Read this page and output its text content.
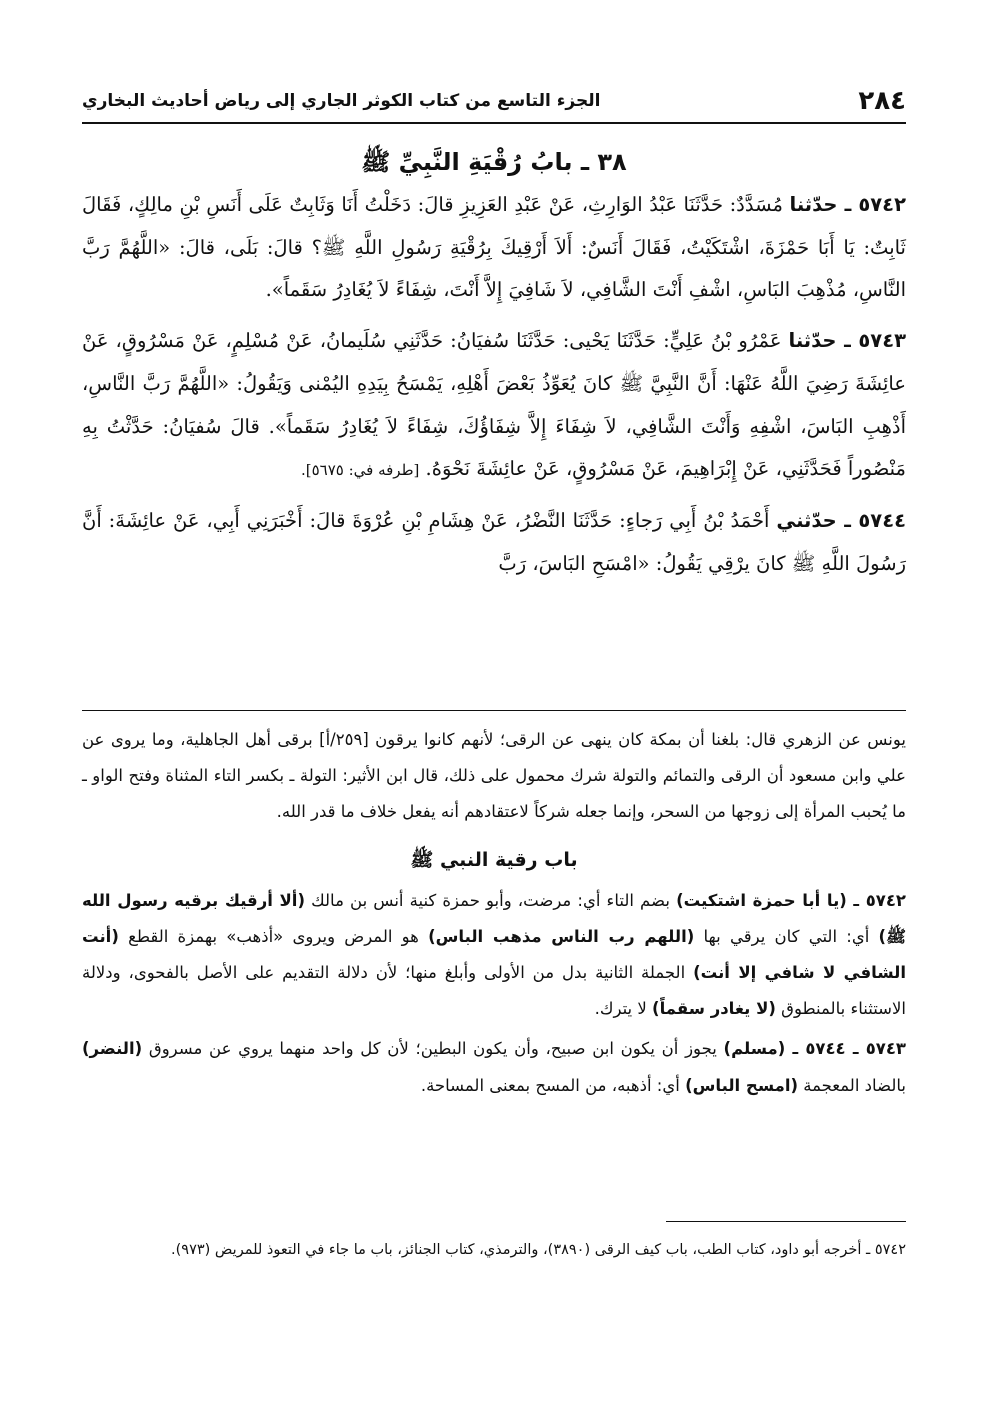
٢٨٤
الجزء التاسع من كتاب الكوثر الجاري إلى رياض أحاديث البخاري
٣٨ ـ بابُ رُقْيَةِ النَّبِيِّ ﷺ

٥٧٤٢ ـ حدّثنا مُسَدَّدٌ: حَدَّثَنَا عَبْدُ الوَارِثِ، عَنْ عَبْدِ العَزِيزِ قالَ: دَخَلْتُ أَنَا وَثَابِتٌ عَلَى أَنَسِ بْنِ مالِكٍ، فَقَالَ ثَابِتٌ: يَا أَبَا حَمْزَةَ، اشْتَكَيْتُ، فَقَالَ أَنَسٌ: أَلاَ أَرْقِيكَ بِرُقْيَةِ رَسُولِ اللَّهِ ﷺ؟ قالَ: بَلَى، قالَ: «اللَّهُمَّ رَبَّ النَّاسِ، مُذْهِبَ البَاسِ، اشْفِ أَنْتَ الشَّافِي، لاَ شَافِيَ إِلاَّ أَنْتَ، شِفَاءً لاَ يُغَادِرُ سَقَماً».

٥٧٤٣ ـ حدّثنا عَمْرُو بْنُ عَلِيٍّ: حَدَّثَنَا يَحْيى: حَدَّثَنَا سُفيَانُ: حَدَّثَنِي سُلَيمانُ، عَنْ مُسْلِمٍ، عَنْ مَسْرُوقٍ، عَنْ عائِشَةَ رَضِيَ اللَّهُ عَنْهَا: أَنَّ النَّبِيَّ ﷺ كانَ يُعَوِّذُ بَعْضَ أَهْلِهِ، يَمْسَحُ بِيَدِهِ اليُمْنى وَيَقُولُ: «اللَّهُمَّ رَبَّ النَّاسِ، أَذْهِبِ البَاسَ، اشْفِهِ وَأَنْتَ الشَّافِي، لاَ شِفَاءَ إِلاَّ شِفَاؤُكَ، شِفَاءً لاَ يُغَادِرُ سَقَماً». قالَ سُفيَانُ: حَدَّثْتُ بِهِ مَنْصُوراً فَحَدَّثَنِي، عَنْ إِبْرَاهِيمَ، عَنْ مَسْرُوقٍ، عَنْ عائِشَةَ نَحْوَهُ. [طرفه في: ٥٦٧٥].

٥٧٤٤ ـ حدّثني أَحْمَدُ بْنُ أَبِي رَجاءٍ: حَدَّثَنَا النَّضْرُ، عَنْ هِشَامِ بْنِ عُرْوَةَ قالَ: أَخْبَرَنِي أَبِي، عَنْ عائِشَةَ: أَنَّ رَسُولَ اللَّهِ ﷺ كانَ يرْقِي يَقُولُ: «امْسَحِ البَاسَ، رَبَّ

يونس عن الزهري قال: بلغنا أن بمكة كان ينهى عن الرقى؛ لأنهم كانوا يرقون [٢٥٩/أ] برقى أهل الجاهلية، وما يروى عن علي وابن مسعود أن الرقى والتمائم والتولة شرك محمول على ذلك، قال ابن الأثير: التولة ـ بكسر التاء المثناة وفتح الواو ـ ما يُحبب المرأة إلى زوجها من السحر، وإنما جعله شركاً لاعتقادهم أنه يفعل خلاف ما قدر الله.

باب رقية النبي ﷺ

٥٧٤٢ ـ (يا أبا حمزة اشتكيت) بضم التاء أي: مرضت، وأبو حمزة كنية أنس بن مالك (ألا أرقيك برقيه رسول الله ﷺ) أي: التي كان يرقي بها (اللهم رب الناس مذهب الباس) هو المرض ويروى «أذهب» بهمزة القطع (أنت الشافي لا شافي إلا أنت) الجملة الثانية بدل من الأولى وأبلغ منها؛ لأن دلالة التقديم على الأصل بالفحوى، ودلالة الاستثناء بالمنطوق (لا يغادر سقماً) لا يترك.

٥٧٤٣ ـ ٥٧٤٤ ـ (مسلم) يجوز أن يكون ابن صبيح، وأن يكون البطين؛ لأن كل واحد منهما يروي عن مسروق (النضر) بالضاد المعجمة (امسح الباس) أي: أذهبه، من المسح بمعنى المساحة.

٥٧٤٢ ـ أخرجه أبو داود، كتاب الطب، باب كيف الرقى (٣٨٩٠)، والترمذي، كتاب الجنائز، باب ما جاء في التعوذ للمريض (٩٧٣).
